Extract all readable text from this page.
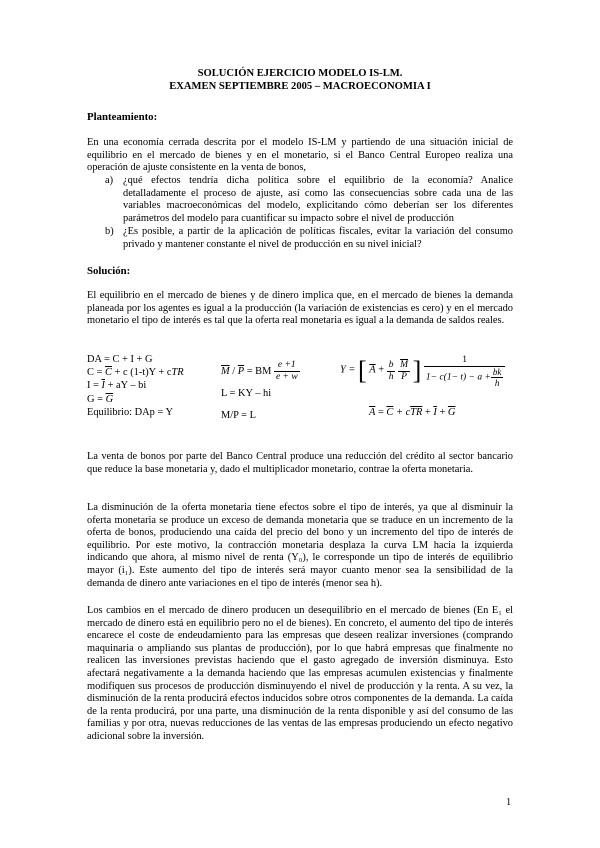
SOLUCIÓN EJERCICIO MODELO IS-LM.
EXAMEN SEPTIEMBRE 2005 – MACROECONOMIA I
Planteamiento:
En una economía cerrada descrita por el modelo IS-LM y partiendo de una situación inicial de equilibrio en el mercado de bienes y en el monetario, si el Banco Central Europeo realiza una operación de ajuste consistente en la venta de bonos,
a) ¿qué efectos tendría dicha política sobre el equilibrio de la economía? Analice detalladamente el proceso de ajuste, así como las consecuencias sobre cada una de las variables macroeconómicas del modelo, explicitando cómo deberían ser los diferentes parámetros del modelo para cuantificar su impacto sobre el nivel de producción
b) ¿Es posible, a partir de la aplicación de políticas fiscales, evitar la variación del consumo privado y mantener constante el nivel de producción en su nivel inicial?
Solución:
El equilibrio en el mercado de bienes y de dinero implica que, en el mercado de bienes la demanda planeada por los agentes es igual a la producción (la variación de existencias es cero) y en el mercado monetario el tipo de interés es tal que la oferta real monetaria es igual a la demanda de saldos reales.
DA = C + I + G
$C = \overline{C} + c$ (1-t)Y + cTR
$I = \overline{I}$ + aY – bi
$G = \overline{G}$
Equilibrio: DAp = Y
$\overline{M} / \overline{P}$ = BM $\frac{e +1}{e + w}$
L = KY – hi
M/P = L
Y = [ $\overline{A} + \frac{b}{h}$
$\frac{\overline{M}}{P}$ ] $\frac{1}{1- c(1- t) - a + \frac{bk}{h}}$
$\overline{A} = \overline{C} + c\overline{TR} + \overline{I} + \overline{G}$
La venta de bonos por parte del Banco Central produce una reducción del crédito al sector bancario que reduce la base monetaria y, dado el multiplicador monetario, contrae la oferta monetaria.
La disminución de la oferta monetaria tiene efectos sobre el tipo de interés, ya que al disminuir la oferta monetaria se produce un exceso de demanda monetaria que se traduce en un incremento de la oferta de bonos, produciendo una caída del precio del bono y un incremento del tipo de interés de equilibrio. Por este motivo, la contracción monetaria desplaza la curva LM hacia la izquierda indicando que ahora, al mismo nivel de renta (Y₀), le corresponde un tipo de interés de equilibrio mayor (i₁). Este aumento del tipo de interés será mayor cuanto menor sea la sensibilidad de la demanda de dinero ante variaciones en el tipo de interés (menor sea h).
Los cambios en el mercado de dinero producen un desequilibrio en el mercado de bienes (En E₁ el mercado de dinero está en equilibrio pero no el de bienes). En concreto, el aumento del tipo de interés encarece el coste de endeudamiento para las empresas que deseen realizar inversiones (comprando maquinaria o ampliando sus plantas de producción), por lo que habrá empresas que finalmente no realicen las inversiones previstas haciendo que el gasto agregado de inversión disminuya. Esto afectará negativamente a la demanda haciendo que las empresas acumulen existencias y finalmente modifiquen sus procesos de producción disminuyendo el nivel de producción y la renta. A su vez, la disminución de la renta producirá efectos inducidos sobre otros componentes de la demanda. La caída de la renta producirá, por una parte, una disminución de la renta disponible y así del consumo de las familias y por otra, nuevas reducciones de las ventas de las empresas produciendo un efecto negativo adicional sobre la inversión.
1
